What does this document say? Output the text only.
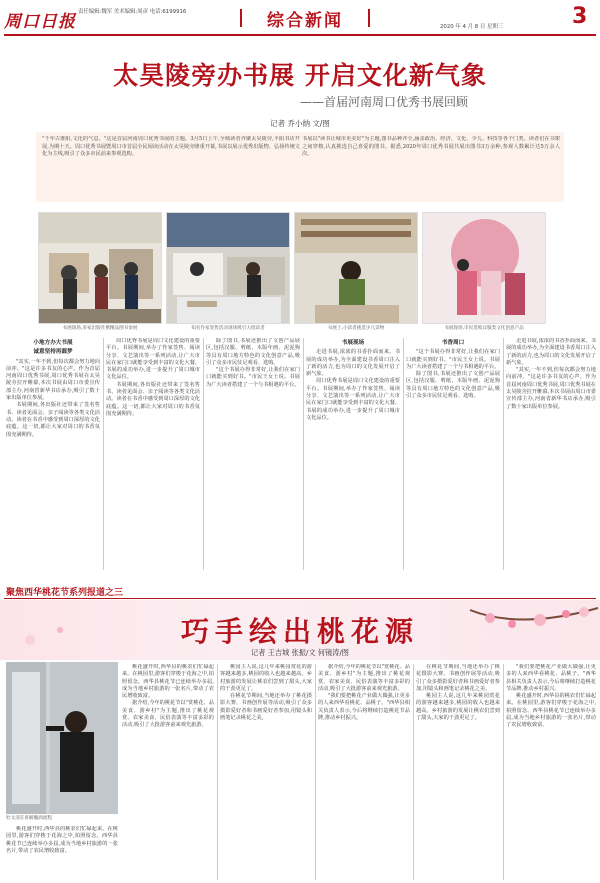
周口日报 责任编辑:魏军 美术编辑:周彦 电话:6199916	综合新闻	2020 年 4 月 8 日 星期三	3
太昊陵旁办书展 开启文化新气象
——首届河南周口优秀书展回顾
记者 乔小纳 文/图
"千年古淮阳,文化的气息。"这是首届河南周口优秀书展的主题。3月5日上午,全城读者齐聚太昊陵旁,平阳书店开展,为期十天。周口优秀书展暨周口市首届全民阅读活动在太昊陵旁隆重开幕,书展以展示优秀出版物、弘扬传统文化为主线,吸引了众多市民前来参观选购。
书展以"读书让城市更美好"为主题,图书品种齐全,涵盖政治、经济、文化、少儿、科技等各个门类。读者们在书架之间穿梭,认真挑选自己喜爱的图书。据悉,2020年周口优秀书展共展出图书3万余种,参观人数累计达5万余人次。
书展现场,多家出版社携精品图书参展	知名作家签售活动现场吸引大批读者	书展上,小读者挑选少儿读物	书展现场,市民选购汉服类文化创意产品

小地方办大书展

诚意坚持再圆梦

"其实,一年不到,但每次都会努力地向前冲。"这是许多书友的心声。作为首届河南周口优秀书展,周口优秀书展在太昊陵旁拉开帷幕,本次书展由周口市委宣传部主办,河南省新华书店承办,吸引了数十家出版单位参展。

书展期间,各出版社还带来了签名售书、读者见面会、亲子阅读等各类文化活动。读者在书香中感受到周口深厚的文化底蕴。这一切,都让大家对周口的书香氛围充满期待。

周口优秀书展是周口文化建设的重要平台。书展期间,举办了作家签售、阅读分享、文艺演出等一系列活动,让广大市民在家门口就能享受到丰富的文化大餐。书展的成功举办,进一步提升了周口城市文化品位。

书展期间,各出版社还带来了签名售书、读者见面会、亲子阅读等各类文化活动。读者在书香中感受到周口深厚的文化底蕴。这一切,都让大家对周口的书香氛围充满期待。

除了图书,书展还推出了文创产品展区,包括汉服、剪纸、木版年画、泥泥狗等具有周口地方特色的文化创意产品,吸引了众多市民驻足观看、选购。

"这个书展办得非常好,让我们在家门口就能买到好书。"市民王女士说。书展为广大读者搭建了一个与书相遇的平台。

书展现场

走进书展,浓浓的书香扑面而来。书展的成功举办,为全面建设书香周口注入了新的活力,也为周口的文化发展开启了新气象。

周口优秀书展是周口文化建设的重要平台。书展期间,举办了作家签售、阅读分享、文艺演出等一系列活动,让广大市民在家门口就能享受到丰富的文化大餐。书展的成功举办,进一步提升了周口城市文化品位。

书香周口

"这个书展办得非常好,让我们在家门口就能买到好书。"市民王女士说。书展为广大读者搭建了一个与书相遇的平台。

除了图书,书展还推出了文创产品展区,包括汉服、剪纸、木版年画、泥泥狗等具有周口地方特色的文化创意产品,吸引了众多市民驻足观看、选购。

走进书展,浓浓的书香扑面而来。书展的成功举办,为全面建设书香周口注入了新的活力,也为周口的文化发展开启了新气象。

"其实,一年不到,但每次都会努力地向前冲。"这是许多书友的心声。作为首届河南周口优秀书展,周口优秀书展在太昊陵旁拉开帷幕,本次书展由周口市委宣传部主办,河南省新华书店承办,吸引了数十家出版单位参展。

聚焦西华桃花节系列报道之三
巧手绘出桃花源
记者 王吉城 张振/文 何镜涛/图
杜文清在讲解酿酒流程

桃花盛开时,西华县的桃农们忙碌起来。在桃园里,游客们穿梭于花海之中,拍照留念。西华县桃花节已连续举办多届,成为当地乡村旅游的一张名片,带动了农民增收致富。

桃花盛开时,西华县的桃农们忙碌起来。在桃园里,游客们穿梭于花海之中,拍照留念。西华县桃花节已连续举办多届,成为当地乡村旅游的一张名片,带动了农民增收致富。

据介绍,今年的桃花节以"赏桃花、品美食、游乡村"为主题,推出了桃花观赏、农家美食、民俗表演等丰富多彩的活动,吸引了大批游客前来观光旅游。

桃园主人说,这几年来桃园赏花的游客越来越多,桃园的收入也越来越高。乡村旅游的发展让桃农们尝到了甜头,大家的干劲更足了。

在桃花节期间,当地还举办了桃花摄影大赛、书画创作展等活动,吸引了众多摄影爱好者和书画爱好者参加,用镜头和画笔记录桃花之美。

据介绍,今年的桃花节以"赏桃花、品美食、游乡村"为主题,推出了桃花观赏、农家美食、民俗表演等丰富多彩的活动,吸引了大批游客前来观光旅游。

"我们要把桃花产业做大做强,让更多的人来西华看桃花、品桃子。"西华县相关负责人表示,今后将继续打造桃花节品牌,推动乡村振兴。

在桃花节期间,当地还举办了桃花摄影大赛、书画创作展等活动,吸引了众多摄影爱好者和书画爱好者参加,用镜头和画笔记录桃花之美。

桃园主人说,这几年来桃园赏花的游客越来越多,桃园的收入也越来越高。乡村旅游的发展让桃农们尝到了甜头,大家的干劲更足了。

"我们要把桃花产业做大做强,让更多的人来西华看桃花、品桃子。"西华县相关负责人表示,今后将继续打造桃花节品牌,推动乡村振兴。

桃花盛开时,西华县的桃农们忙碌起来。在桃园里,游客们穿梭于花海之中,拍照留念。西华县桃花节已连续举办多届,成为当地乡村旅游的一张名片,带动了农民增收致富。
